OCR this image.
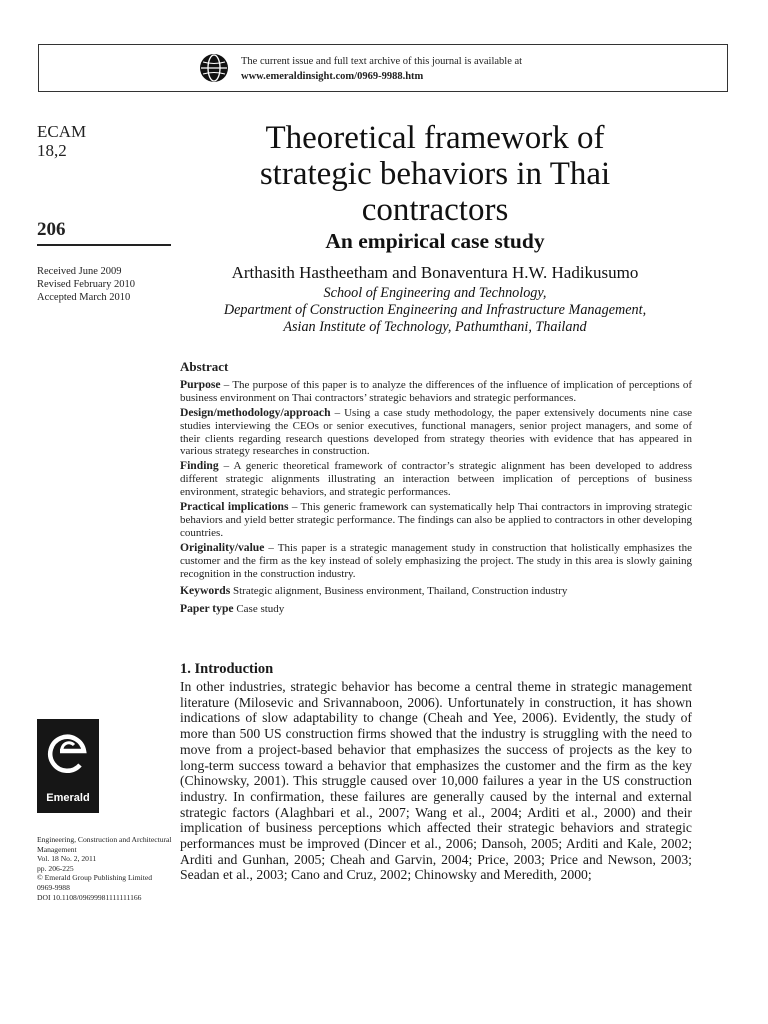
The current issue and full text archive of this journal is available at
www.emeraldinsight.com/0969-9988.htm
ECAM
18,2
206
Received June 2009
Revised February 2010
Accepted March 2010
Theoretical framework of
strategic behaviors in Thai
contractors
An empirical case study
Arthasith Hastheetham and Bonaventura H.W. Hadikusumo
School of Engineering and Technology,
Department of Construction Engineering and Infrastructure Management,
Asian Institute of Technology, Pathumthani, Thailand
Abstract

Purpose – The purpose of this paper is to analyze the differences of the influence of implication of perceptions of business environment on Thai contractors’ strategic behaviors and strategic performances.

Design/methodology/approach – Using a case study methodology, the paper extensively documents nine case studies interviewing the CEOs or senior executives, functional managers, senior project managers, and some of their clients regarding research questions developed from strategy theories with evidence that has appeared in various strategy researches in construction.

Finding – A generic theoretical framework of contractor’s strategic alignment has been developed to address different strategic alignments illustrating an interaction between implication of perceptions of business environment, strategic behaviors, and strategic performances.

Practical implications – This generic framework can systematically help Thai contractors in improving strategic behaviors and yield better strategic performance. The findings can also be applied to contractors in other developing countries.

Originality/value – This paper is a strategic management study in construction that holistically emphasizes the customer and the firm as the key instead of solely emphasizing the project. The study in this area is slowly gaining recognition in the construction industry.

Keywords Strategic alignment, Business environment, Thailand, Construction industry

Paper type Case study

1. Introduction

In other industries, strategic behavior has become a central theme in strategic management literature (Milosevic and Srivannaboon, 2006). Unfortunately in construction, it has shown indications of slow adaptability to change (Cheah and Yee, 2006). Evidently, the study of more than 500 US construction firms showed that the industry is struggling with the need to move from a project-based behavior that emphasizes the success of projects as the key to long-term success toward a behavior that emphasizes the customer and the firm as the key (Chinowsky, 2001). This struggle caused over 10,000 failures a year in the US construction industry. In confirmation, these failures are generally caused by the internal and external strategic factors (Alaghbari et al., 2007; Wang et al., 2004; Arditi et al., 2000) and their implication of business perceptions which affected their strategic behaviors and strategic performances must be improved (Dincer et al., 2006; Dansoh, 2005; Arditi and Kale, 2002; Arditi and Gunhan, 2005; Cheah and Garvin, 2004; Price, 2003; Price and Newson, 2003; Seadan et al., 2003; Cano and Cruz, 2002; Chinowsky and Meredith, 2000;

Emerald
Engineering, Construction and Architectural Management
Vol. 18 No. 2, 2011
pp. 206-225
© Emerald Group Publishing Limited
0969-9988
DOI 10.1108/09699981111111166
